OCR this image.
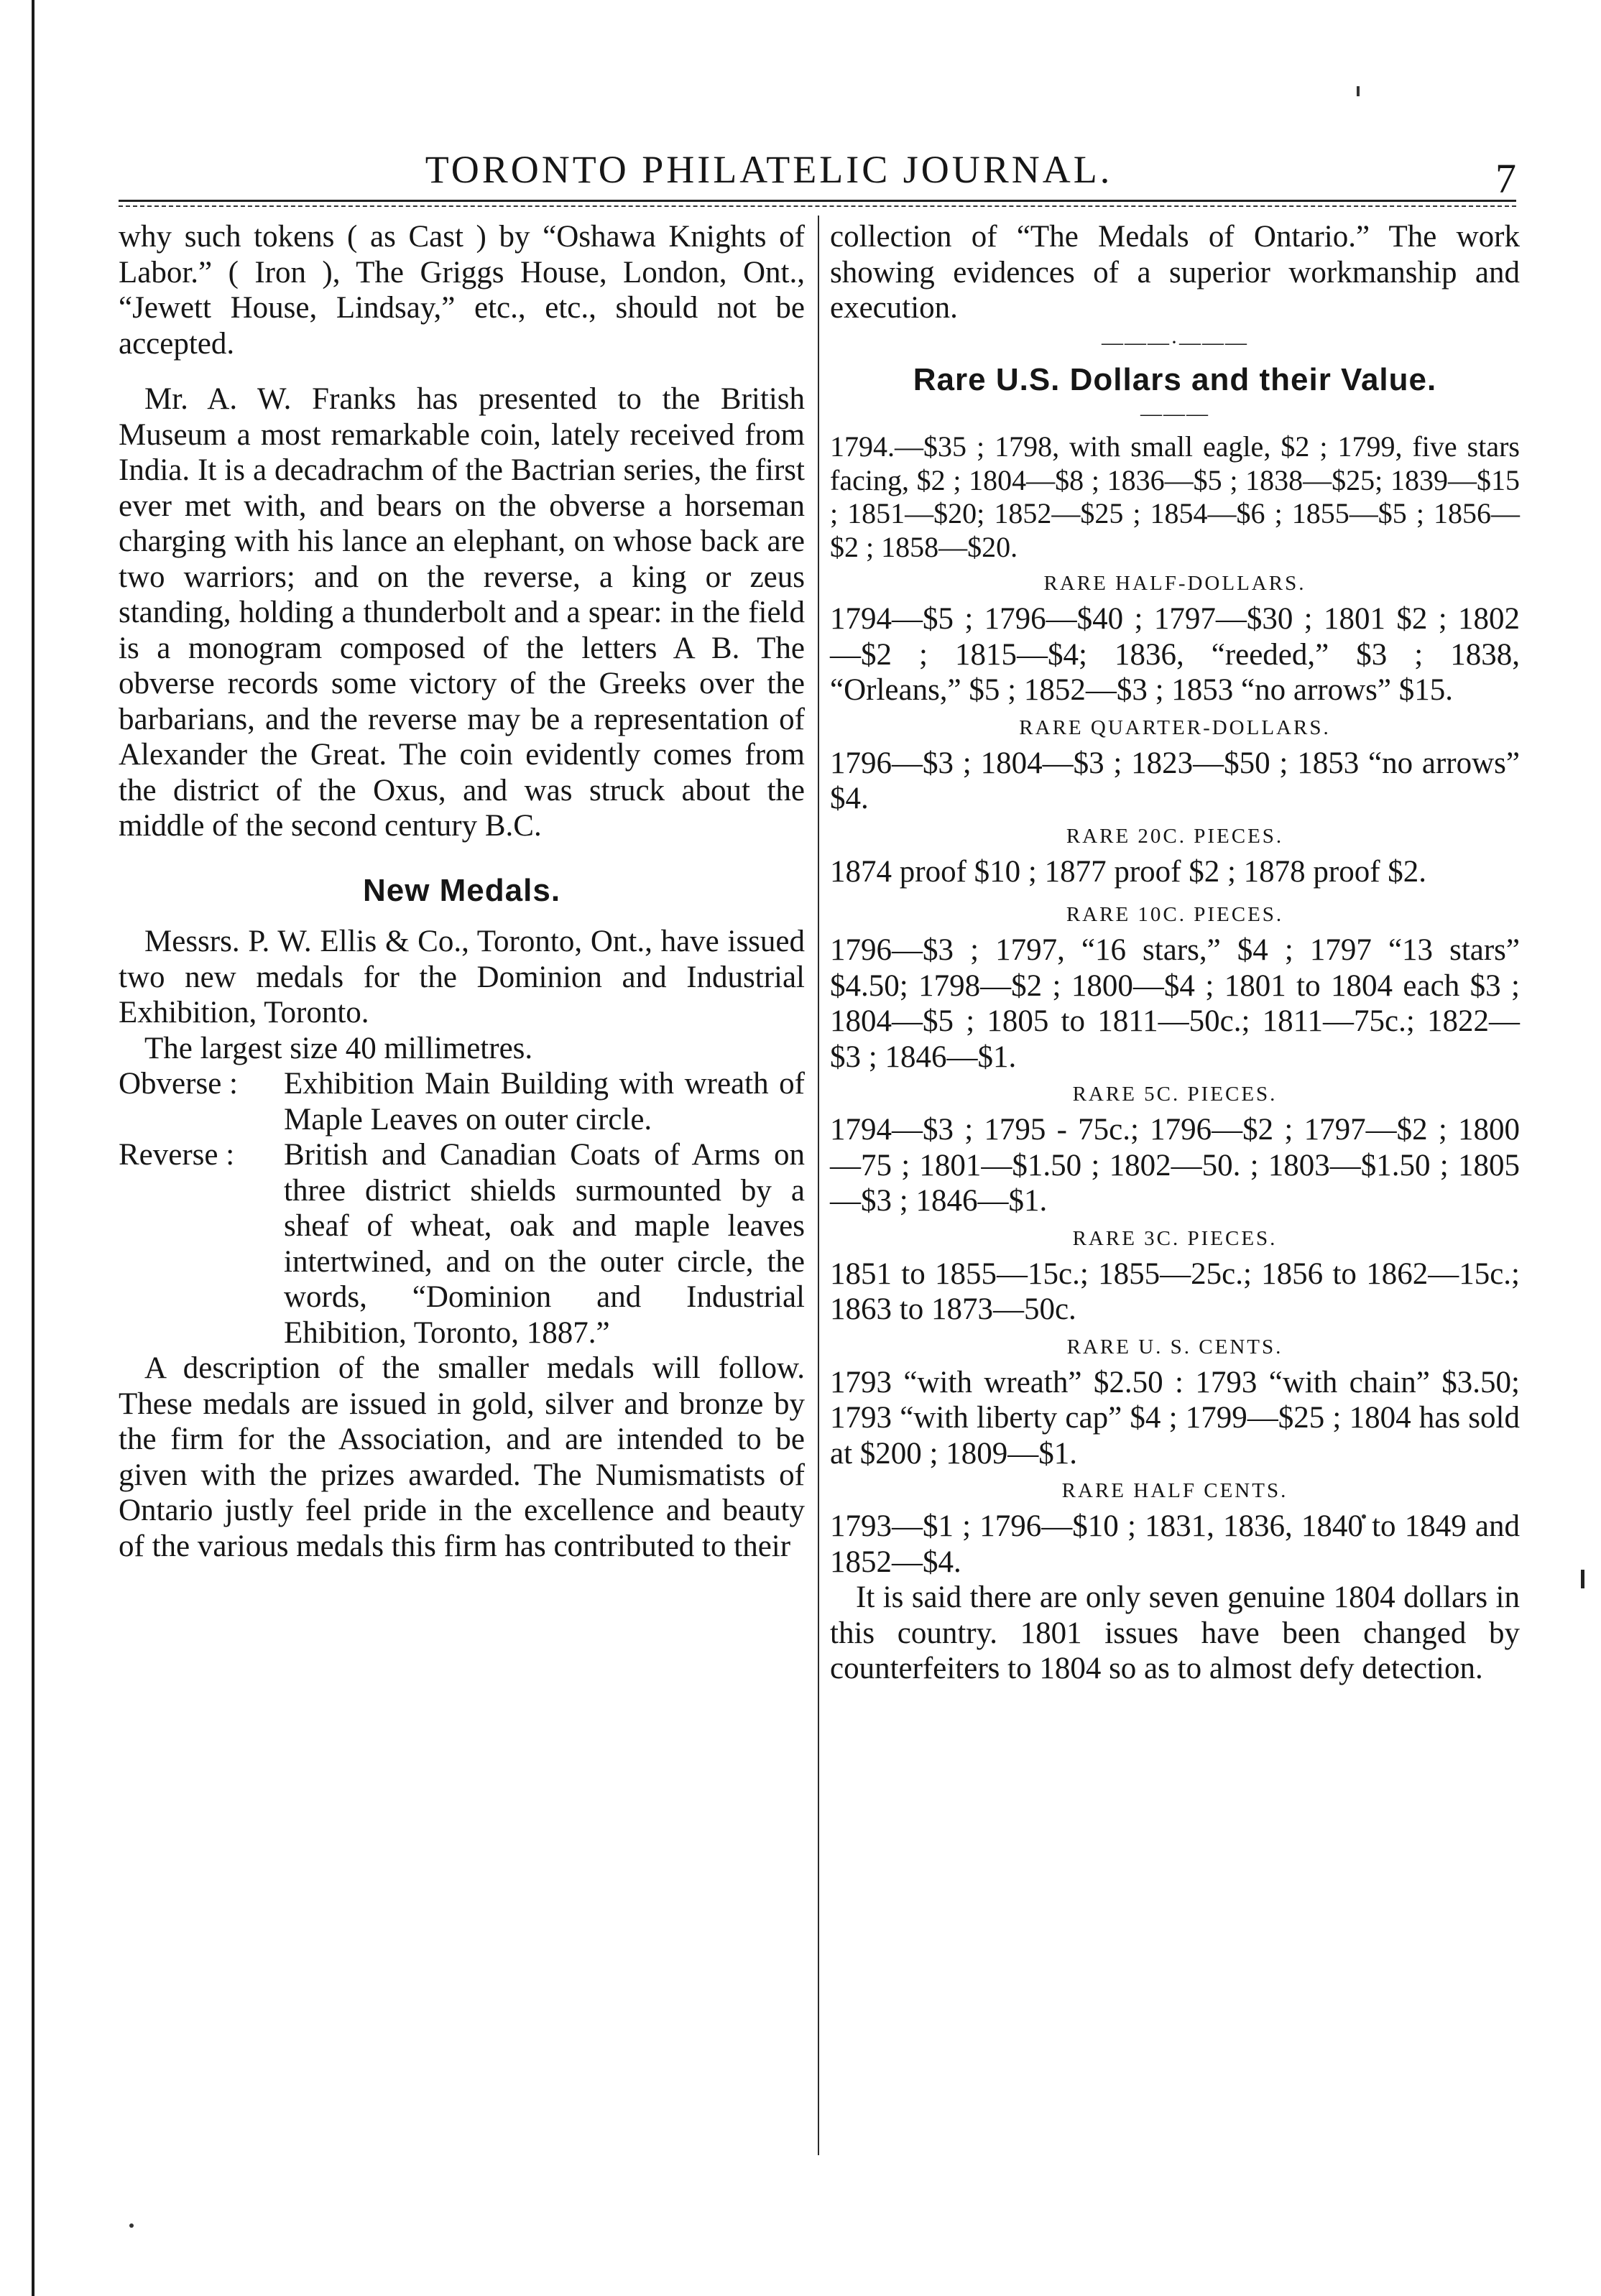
TORONTO PHILATELIC JOURNAL.	7

why such tokens ( as Cast ) by “Oshawa Knights of Labor.” ( Iron ), The Griggs House, London, Ont., “Jewett House, Lindsay,” etc., etc., should not be accepted.

Mr. A. W. Franks has presented to the British Museum a most remarkable coin, lately received from India. It is a decadrachm of the Bactrian series, the first ever met with, and bears on the obverse a horseman charging with his lance an elephant, on whose back are two warriors; and on the reverse, a king or zeus standing, holding a thunderbolt and a spear: in the field is a monogram composed of the letters A B. The obverse records some victory of the Greeks over the barbarians, and the reverse may be a representation of Alexander the Great. The coin evidently comes from the district of the Oxus, and was struck about the middle of the second century B.C.

New Medals.

Messrs. P. W. Ellis & Co., Toronto, Ont., have issued two new medals for the Dominion and Industrial Exhibition, Toronto.

The largest size 40 millimetres.

Obverse :	Exhibition Main Building with wreath of Maple Leaves on outer circle.
Reverse :	British and Canadian Coats of Arms on three district shields surmounted by a sheaf of wheat, oak and maple leaves intertwined, and on the outer circle, the words, “Dominion and Industrial Ehibition, Toronto, 1887.”

A description of the smaller medals will follow. These medals are issued in gold, silver and bronze by the firm for the Association, and are intended to be given with the prizes awarded. The Numismatists of Ontario justly feel pride in the excellence and beauty of the various medals this firm has contributed to their

collection of “The Medals of Ontario.” The work showing evidences of a superior workmanship and execution.

———·———
Rare U.S. Dollars and their Value.
———

1794.—$35 ; 1798, with small eagle, $2 ; 1799, five stars facing, $2 ; 1804—$8 ; 1836—$5 ; 1838—$25; 1839—$15 ; 1851—$20; 1852—$25 ; 1854—$6 ; 1855—$5 ; 1856—$2 ; 1858—$20.

RARE HALF-DOLLARS.

1794—$5 ; 1796—$40 ; 1797—$30 ; 1801 $2 ; 1802—$2 ; 1815—$4; 1836, “reeded,” $3 ; 1838, “Orleans,” $5 ; 1852—$3 ; 1853 “no arrows” $15.

RARE QUARTER-DOLLARS.

1796—$3 ; 1804—$3 ; 1823—$50 ; 1853 “no arrows” $4.

RARE 20C. PIECES.

1874 proof $10 ; 1877 proof $2 ; 1878 proof $2.

RARE 10C. PIECES.

1796—$3 ; 1797, “16 stars,” $4 ; 1797 “13 stars” $4.50; 1798—$2 ; 1800—$4 ; 1801 to 1804 each $3 ; 1804—$5 ; 1805 to 1811—50c.; 1811—75c.; 1822—$3 ; 1846—$1.

RARE 5C. PIECES.

1794—$3 ; 1795 - 75c.; 1796—$2 ; 1797—$2 ; 1800—75 ; 1801—$1.50 ; 1802—50. ; 1803—$1.50 ; 1805—$3 ; 1846—$1.

RARE 3C. PIECES.

1851 to 1855—15c.; 1855—25c.; 1856 to 1862—15c.; 1863 to 1873—50c.

RARE U. S. CENTS.

1793 “with wreath” $2.50 : 1793 “with chain” $3.50; 1793 “with liberty cap” $4 ; 1799—$25 ; 1804 has sold at $200 ; 1809—$1.

RARE HALF CENTS.

1793—$1 ; 1796—$10 ; 1831, 1836, 1840 to 1849 and 1852—$4.

It is said there are only seven genuine 1804 dollars in this country. 1801 issues have been changed by counterfeiters to 1804 so as to almost defy detection.
